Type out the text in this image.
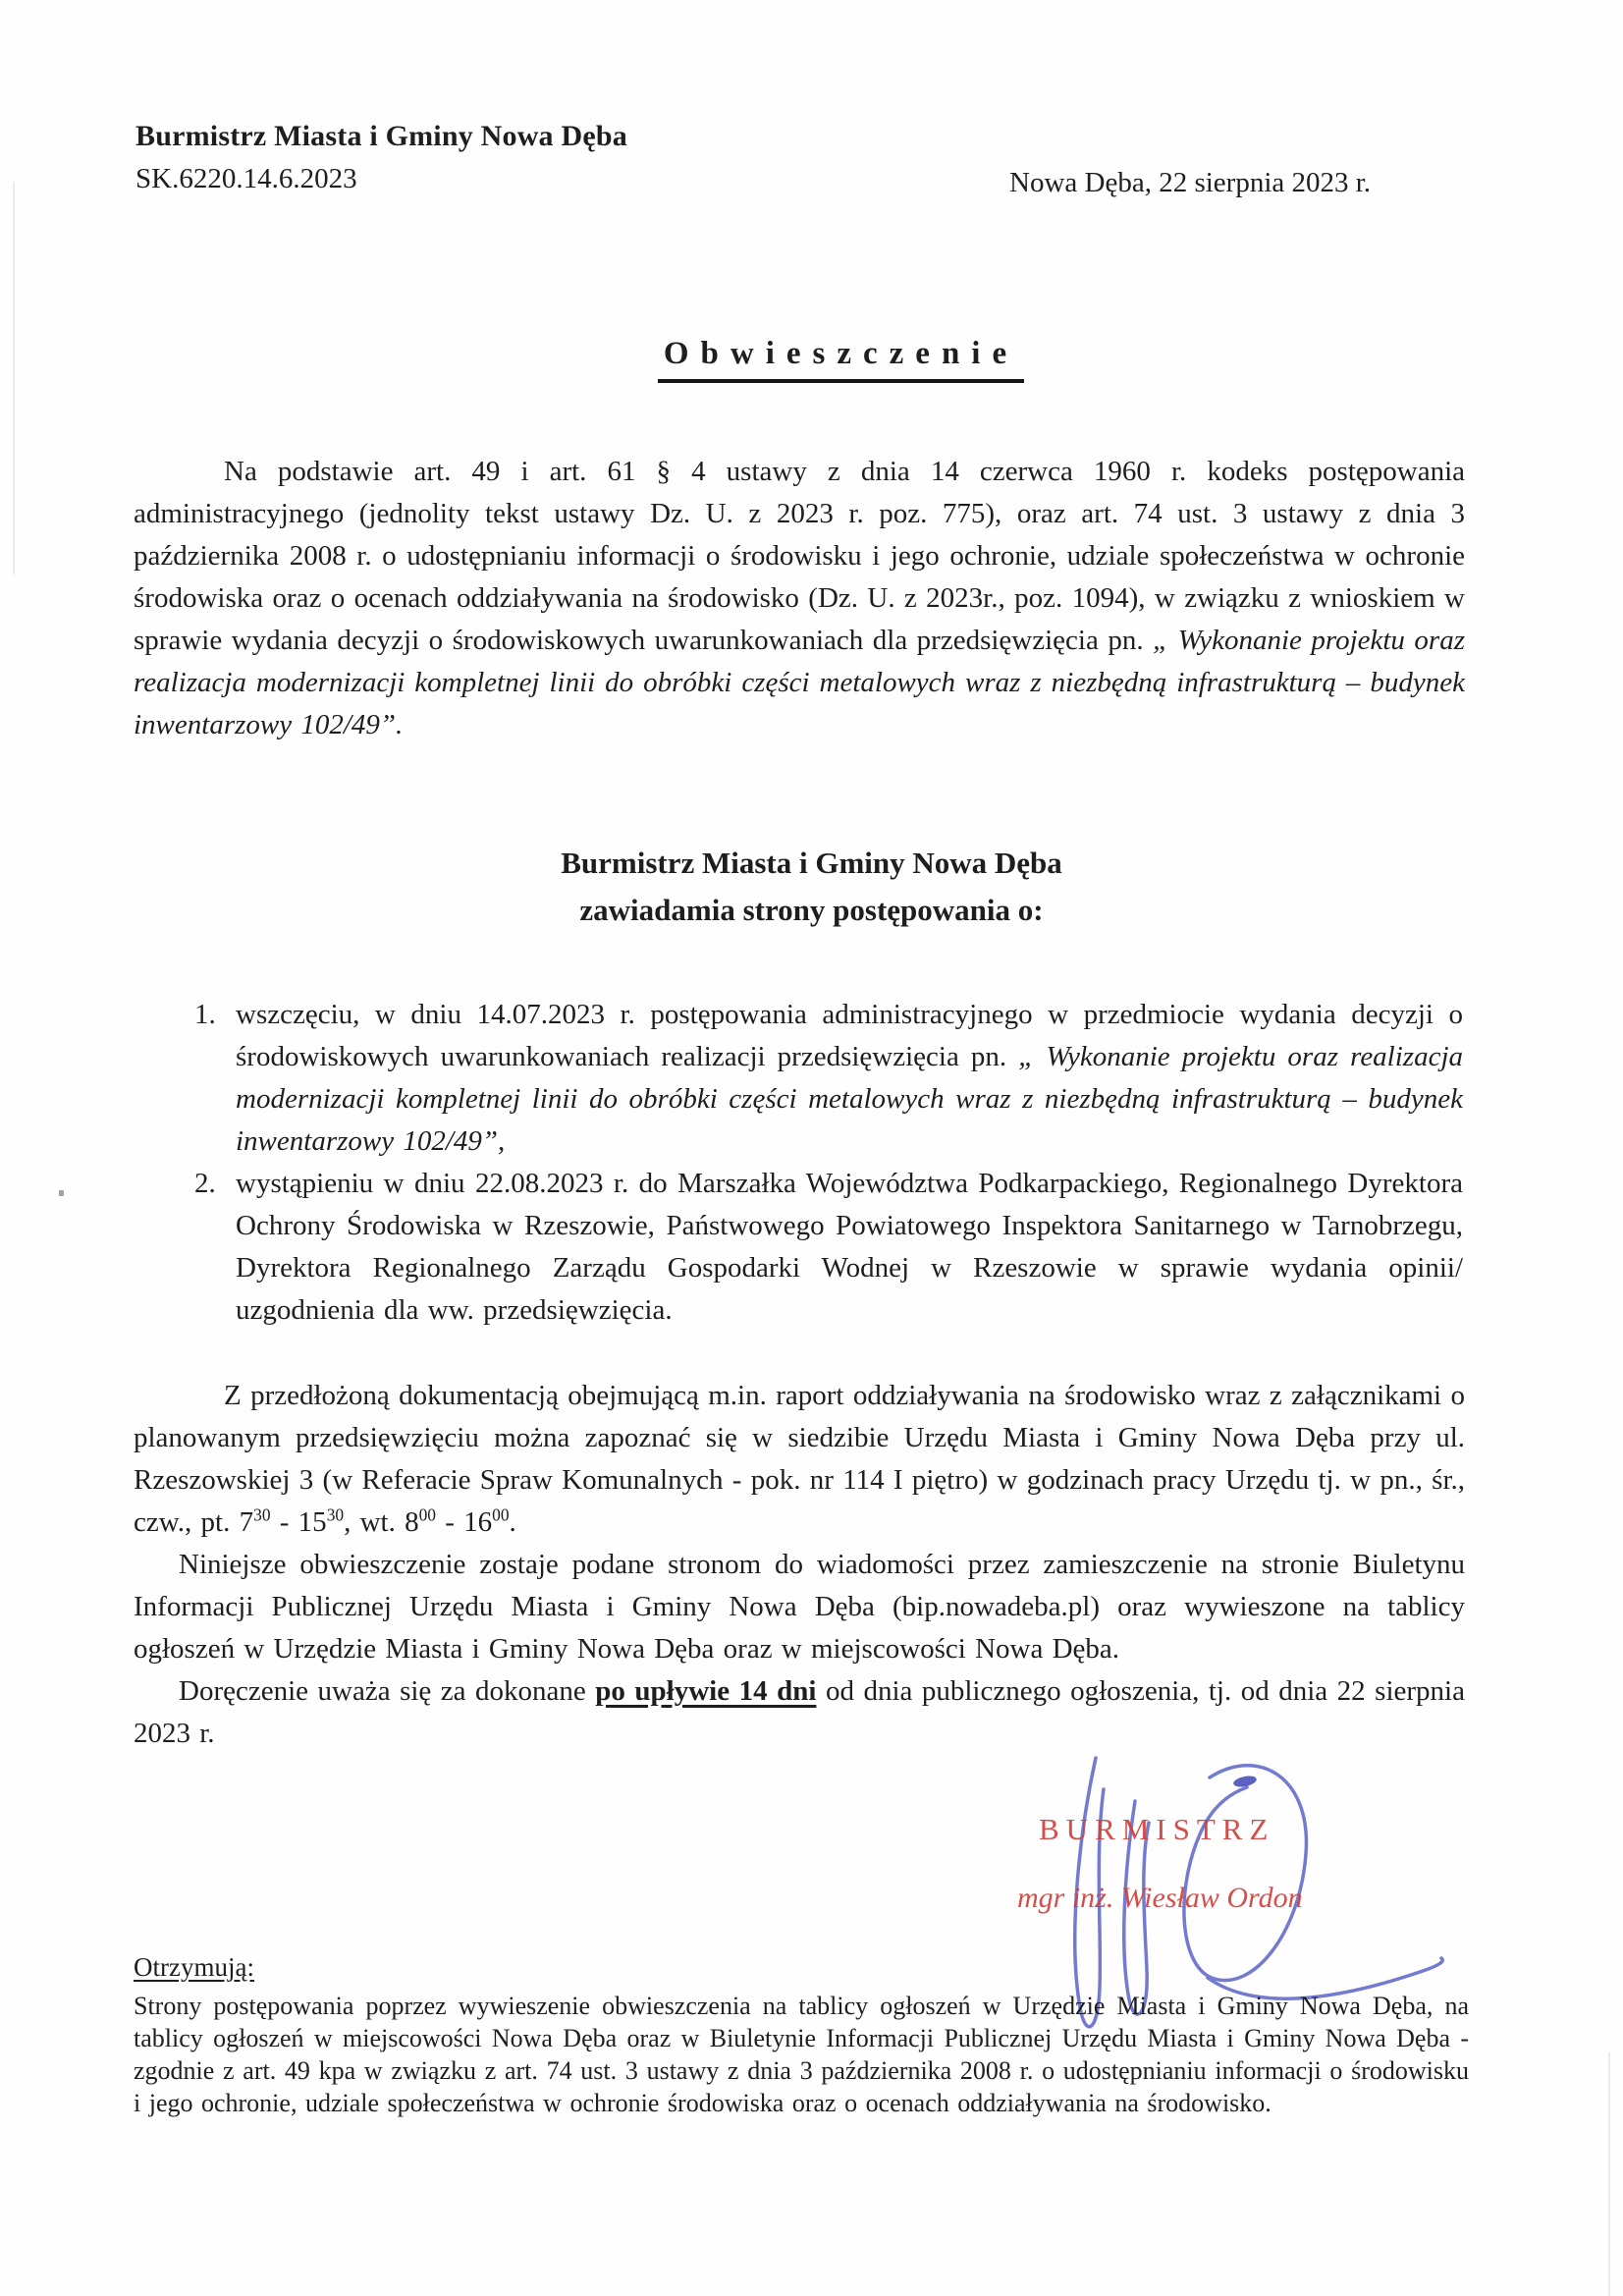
Burmistrz Miasta i Gminy Nowa Dęba
SK.6220.14.6.2023	Nowa Dęba, 22 sierpnia 2023 r.
Obwieszczenie

Na podstawie art. 49 i art. 61 § 4 ustawy z dnia 14 czerwca 1960 r. kodeks postępowania administracyjnego (jednolity tekst ustawy Dz. U. z 2023 r. poz. 775), oraz art. 74 ust. 3 ustawy z dnia 3 października 2008 r. o udostępnianiu informacji o środowisku i jego ochronie, udziale społeczeństwa w ochronie środowiska oraz o ocenach oddziaływania na środowisko (Dz. U. z 2023r., poz. 1094), w związku z wnioskiem w sprawie wydania decyzji o środowiskowych uwarunkowaniach dla przedsięwzięcia pn. „ Wykonanie projektu oraz realizacja modernizacji kompletnej linii do obróbki części metalowych wraz z niezbędną infrastrukturą – budynek inwentarzowy 102/49”.

Burmistrz Miasta i Gminy Nowa Dęba
zawiadamia strony postępowania o:
1. wszczęciu, w dniu 14.07.2023 r. postępowania administracyjnego w przedmiocie wydania decyzji o środowiskowych uwarunkowaniach realizacji przedsięwzięcia pn. „ Wykonanie projektu oraz realizacja modernizacji kompletnej linii do obróbki części metalowych wraz z niezbędną infrastrukturą – budynek inwentarzowy 102/49”,
2. wystąpieniu w dniu 22.08.2023 r. do Marszałka Województwa Podkarpackiego, Regionalnego Dyrektora Ochrony Środowiska w Rzeszowie, Państwowego Powiatowego Inspektora Sanitarnego w Tarnobrzegu, Dyrektora Regionalnego Zarządu Gospodarki Wodnej w Rzeszowie w sprawie wydania opinii/ uzgodnienia dla ww. przedsięwzięcia.

Z przedłożoną dokumentacją obejmującą m.in. raport oddziaływania na środowisko wraz z załącznikami o planowanym przedsięwzięciu można zapoznać się w siedzibie Urzędu Miasta i Gminy Nowa Dęba przy ul. Rzeszowskiej 3 (w Referacie Spraw Komunalnych - pok. nr 114 I piętro) w godzinach pracy Urzędu tj. w pn., śr., czw., pt. $7^{30} - 15^{30}$, wt. $8^{00} - 16^{00}$.

Niniejsze obwieszczenie zostaje podane stronom do wiadomości przez zamieszczenie na stronie Biuletynu Informacji Publicznej Urzędu Miasta i Gminy Nowa Dęba (bip.nowadeba.pl) oraz wywieszone na tablicy ogłoszeń w Urzędzie Miasta i Gminy Nowa Dęba oraz w miejscowości Nowa Dęba.

Doręczenie uważa się za dokonane po upływie 14 dni od dnia publicznego ogłoszenia, tj. od dnia 22 sierpnia 2023 r.

BURMISTRZ
mgr inż. Wiesław Ordon
Otrzymują:

Strony postępowania poprzez wywieszenie obwieszczenia na tablicy ogłoszeń w Urzędzie Miasta i Gminy Nowa Dęba, na tablicy ogłoszeń w miejscowości Nowa Dęba oraz w Biuletynie Informacji Publicznej Urzędu Miasta i Gminy Nowa Dęba - zgodnie z art. 49 kpa w związku z art. 74 ust. 3 ustawy z dnia 3 października 2008 r. o udostępnianiu informacji o środowisku i jego ochronie, udziale społeczeństwa w ochronie środowiska oraz o ocenach oddziaływania na środowisko.
